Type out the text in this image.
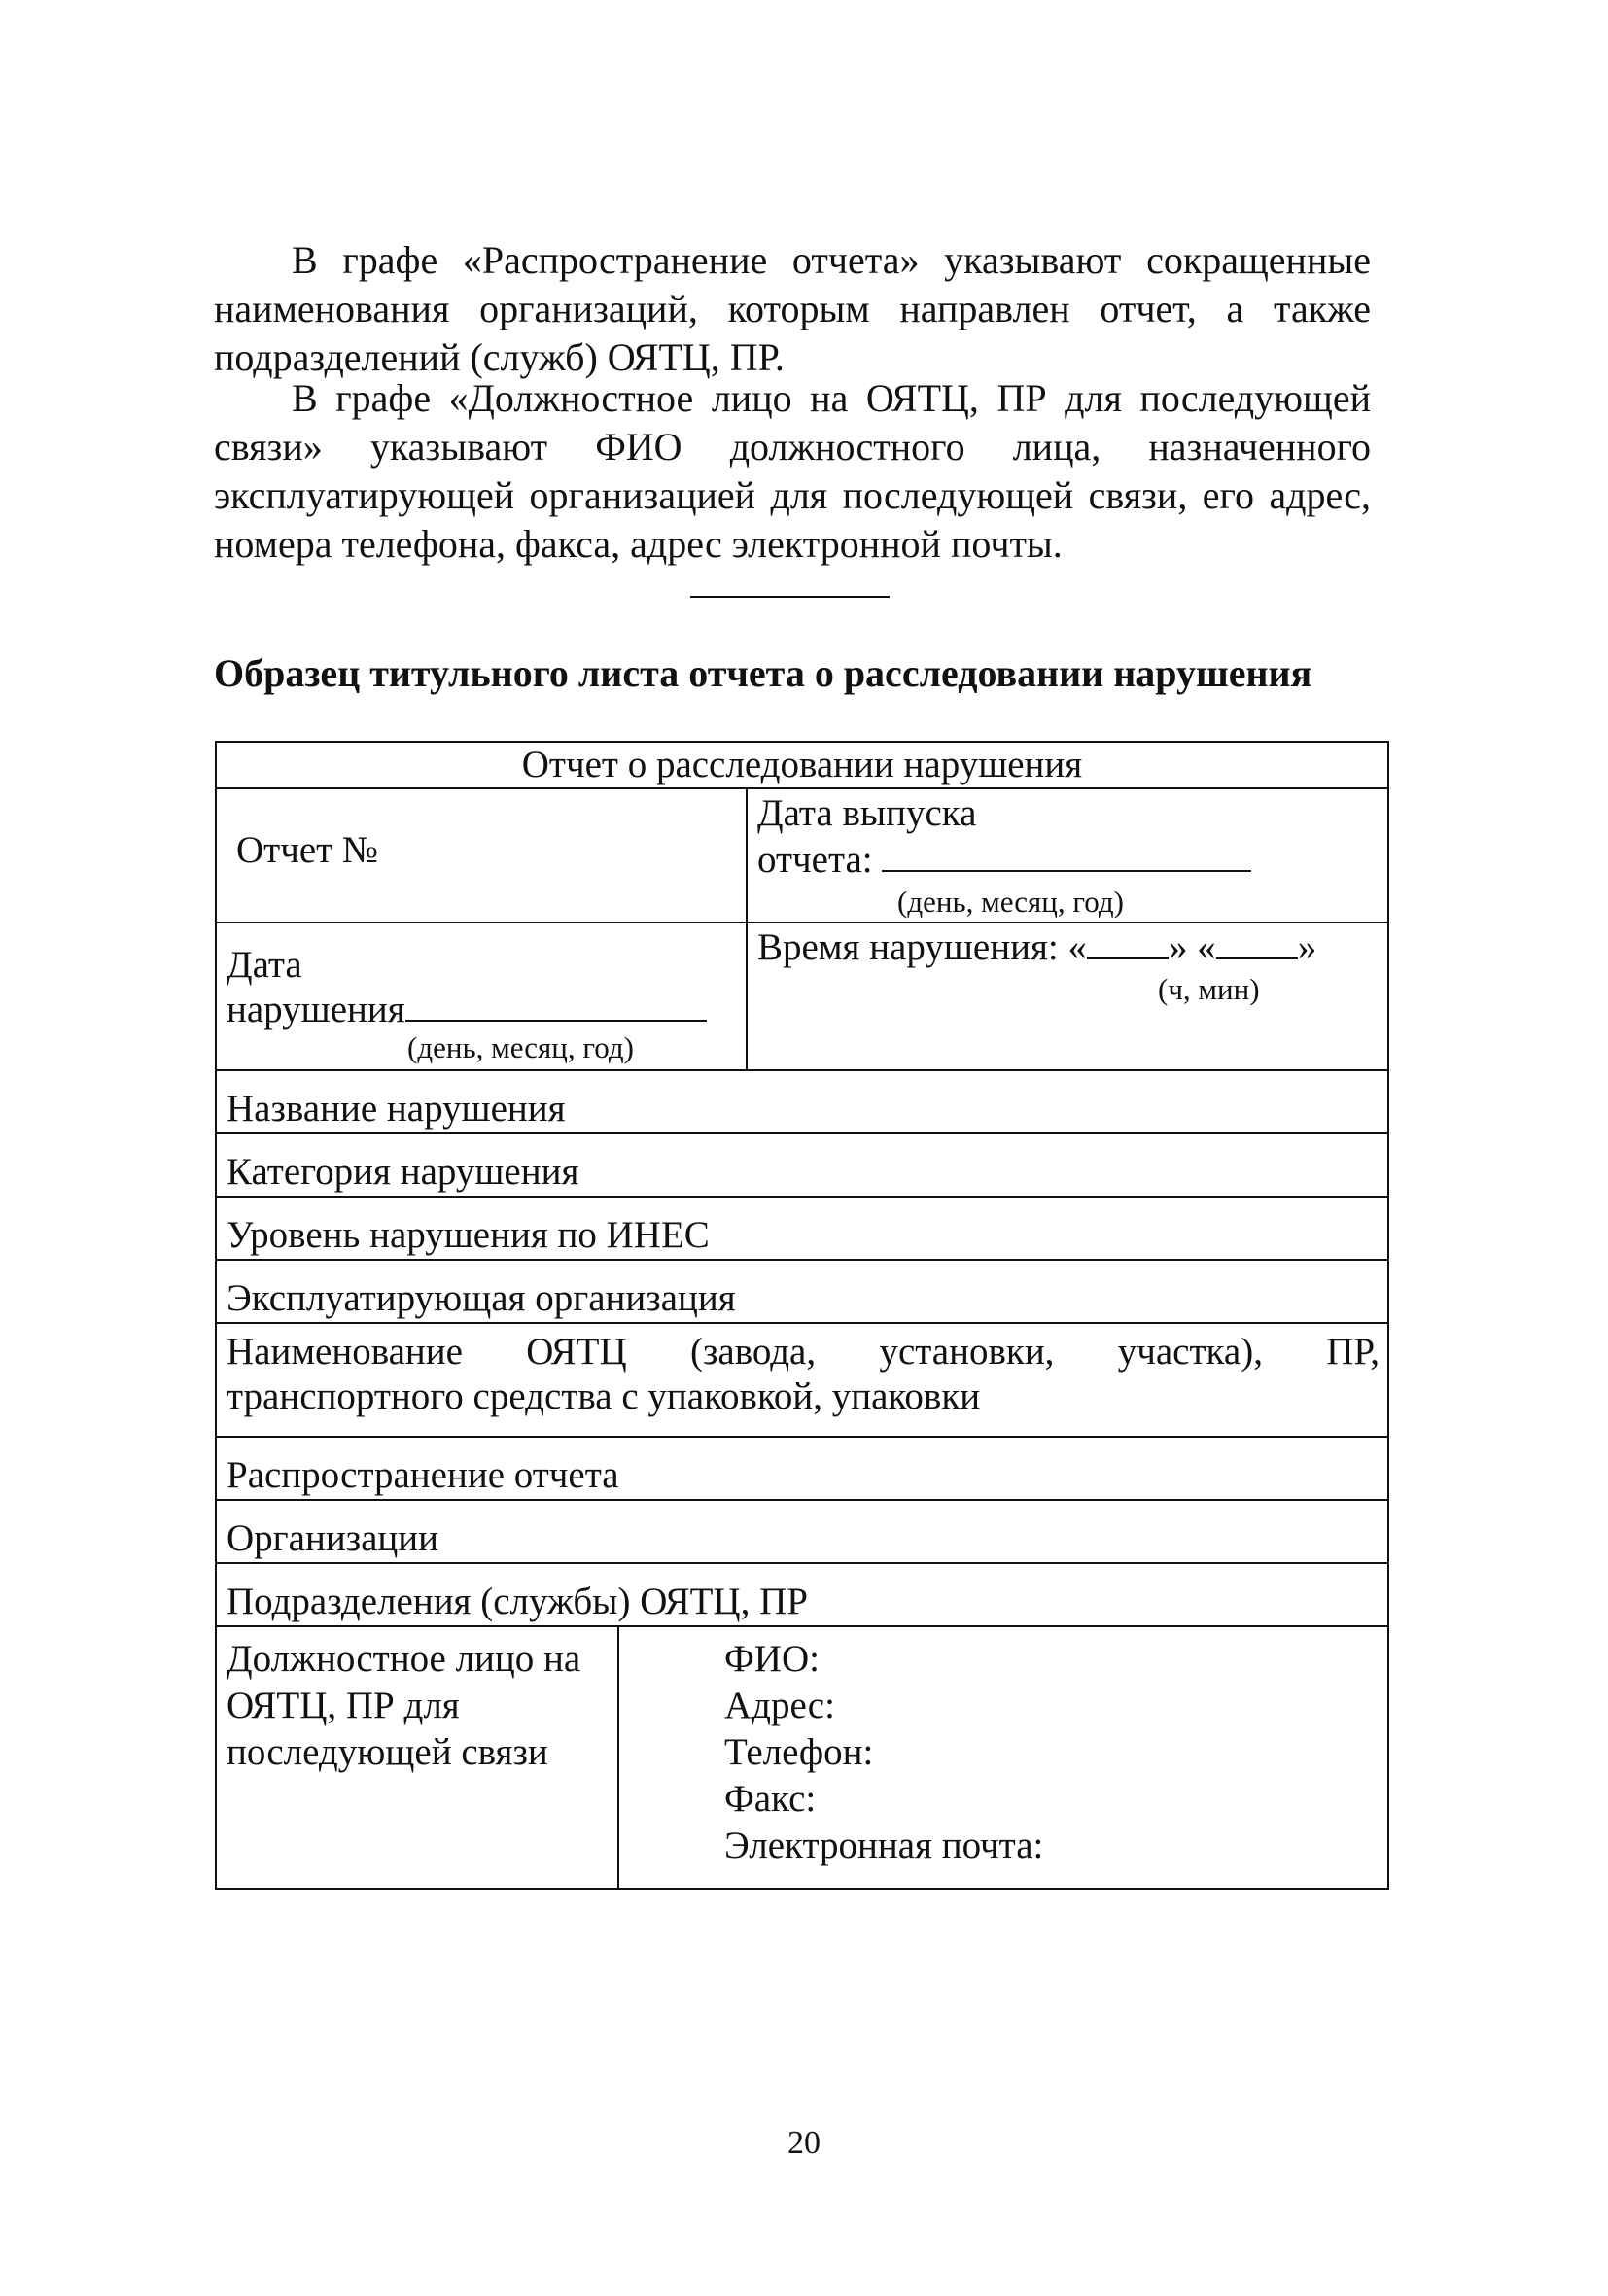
В графе «Распространение отчета» указывают сокращенные наименования организаций, которым направлен отчет, а также подразделений (служб) ОЯТЦ, ПР.

В графе «Должностное лицо на ОЯТЦ, ПР для последующей связи» указывают ФИО должностного лица, назначенного эксплуатирующей организацией для последующей связи, его адрес, номера телефона, факса, адрес электронной почты.

Образец титульного листа отчета о расследовании нарушения

Отчет о расследовании нарушения
Отчет №
Дата выпуска
отчета:
(день, месяц, год)
Дата
нарушения
(день, месяц, год)
Время нарушения: « » « »
(ч, мин)
Название нарушения
Категория нарушения
Уровень нарушения по ИНЕС
Эксплуатирующая организация
Наименование ОЯТЦ (завода, установки, участка), ПР,
транспортного средства с упаковкой, упаковки
Распространение отчета
Организации
Подразделения (службы) ОЯТЦ, ПР
Должностное лицо на
ОЯТЦ, ПР для
последующей связи
ФИО:
Адрес:
Телефон:
Факс:
Электронная почта:
20
